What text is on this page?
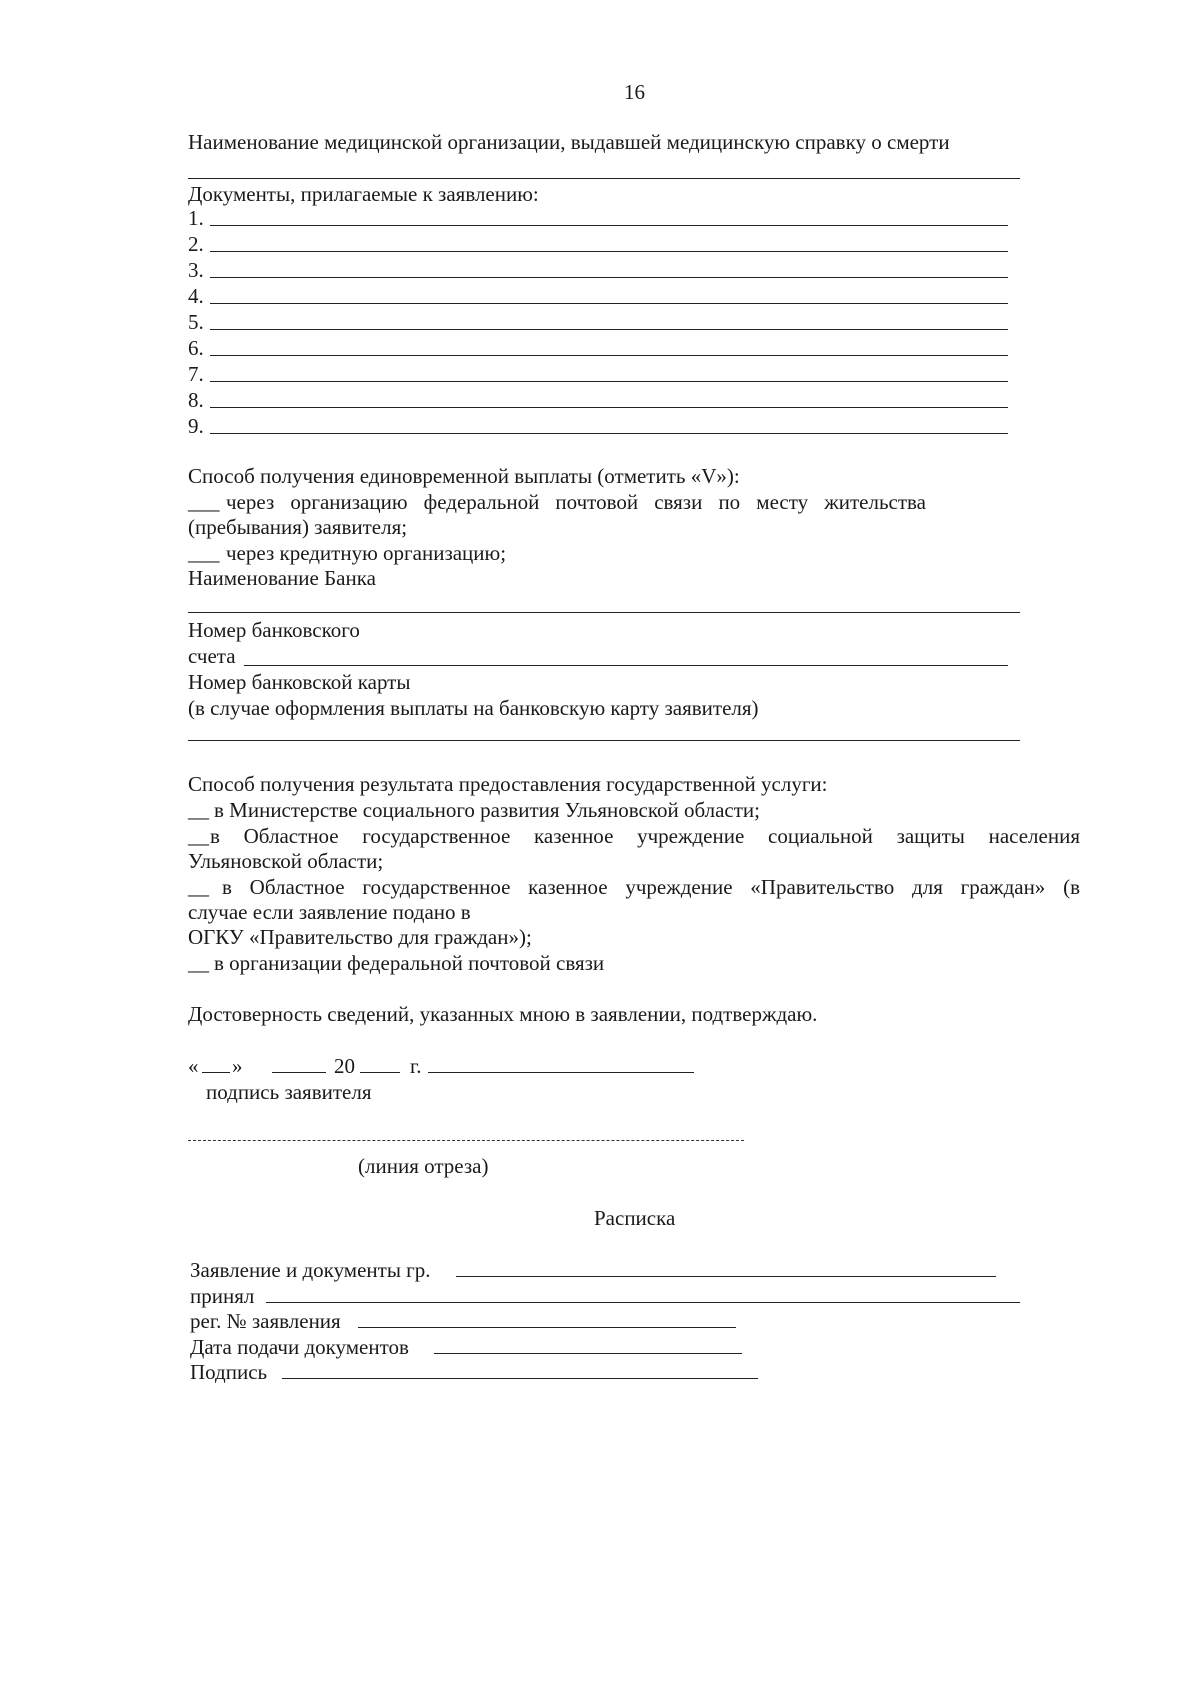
16
Наименование медицинской организации, выдавшей медицинскую справку о смерти
Документы, прилагаемые к заявлению:
1.
2.
3.
4.
5.
6.
7.
8.
9.
Способ получения единовременной выплаты (отметить «V»):
___ через организацию федеральной почтовой связи по месту жительства
(пребывания) заявителя;
___ через кредитную организацию;
Наименование Банка
Номер банковского
счета
Номер банковской карты
(в случае оформления выплаты на банковскую карту заявителя)
Способ получения результата предоставления государственной услуги:
__ в Министерстве социального развития Ульяновской области;
__ в Областное государственное казенное учреждение социальной защиты населения
Ульяновской области;
__ в Областное государственное казенное учреждение «Правительство для граждан» (в
случае если заявление подано в
ОГКУ «Правительство для граждан»);
__ в организации федеральной почтовой связи
Достоверность сведений, указанных мною в заявлении, подтверждаю.
« »	20	г.
подпись заявителя
(линия отреза)
Расписка
Заявление и документы гр.
принял
рег. № заявления
Дата подачи документов
Подпись
